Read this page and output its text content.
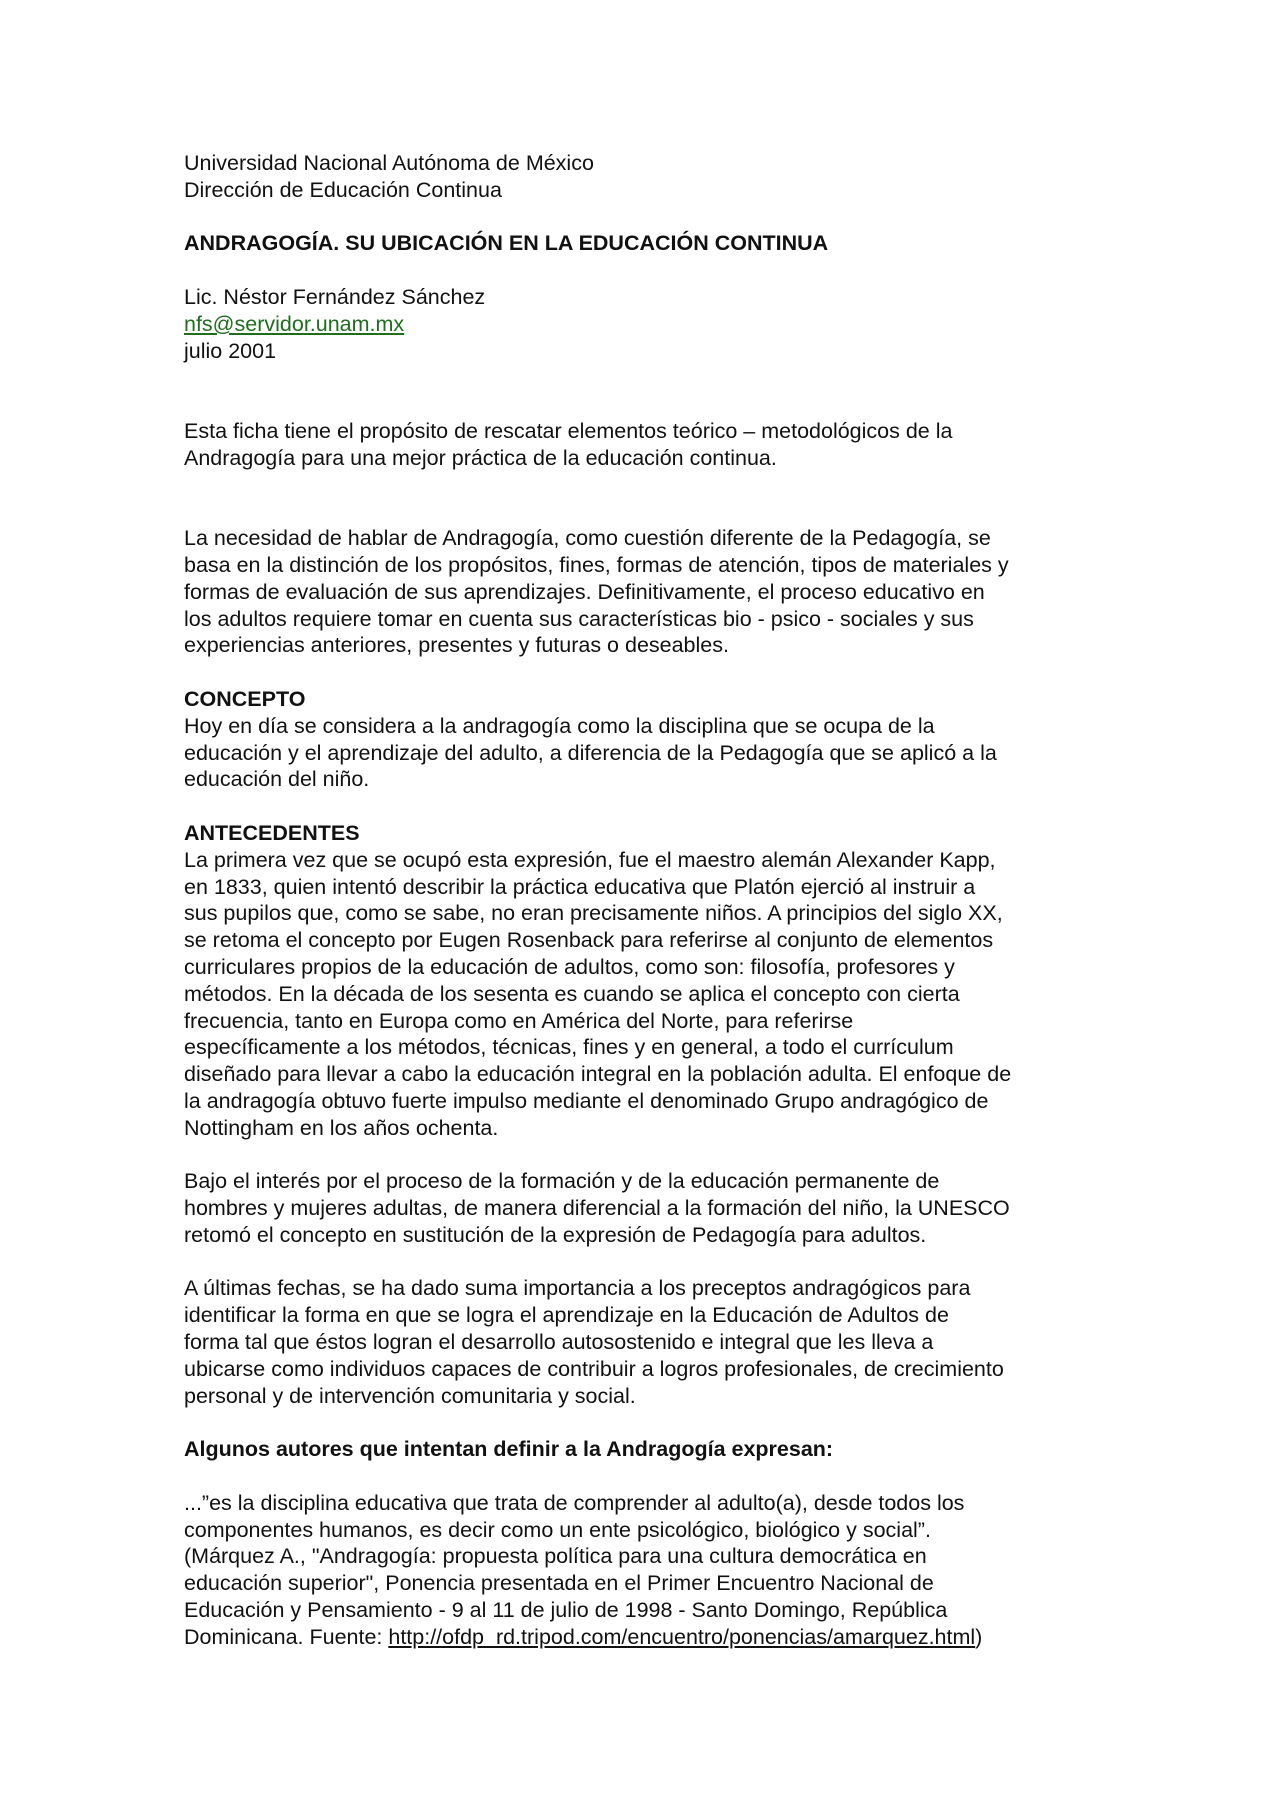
Universidad Nacional Autónoma de México
Dirección de Educación Continua

ANDRAGOGÍA. SU UBICACIÓN EN LA EDUCACIÓN CONTINUA

Lic. Néstor Fernández Sánchez
nfs@servidor.unam.mx
julio 2001

Esta ficha tiene el propósito de rescatar elementos teórico – metodológicos de la
Andragogía para una mejor práctica de la educación continua.

La necesidad de hablar de Andragogía, como cuestión diferente de la Pedagogía, se
basa en la distinción de los propósitos, fines, formas de atención, tipos de materiales y
formas de evaluación de sus aprendizajes. Definitivamente, el proceso educativo en
los adultos requiere tomar en cuenta sus características bio - psico - sociales y sus
experiencias anteriores, presentes y futuras o deseables.

CONCEPTO
Hoy en día se considera a la andragogía como la disciplina que se ocupa de la
educación y el aprendizaje del adulto, a diferencia de la Pedagogía que se aplicó a la
educación del niño.

ANTECEDENTES
La primera vez que se ocupó esta expresión, fue el maestro alemán Alexander Kapp,
en 1833, quien intentó describir la práctica educativa que Platón ejerció al instruir a
sus pupilos que, como se sabe, no eran precisamente niños. A principios del siglo XX,
se retoma el concepto por Eugen Rosenback para referirse al conjunto de elementos
curriculares propios de la educación de adultos, como son: filosofía, profesores y
métodos. En la década de los sesenta es cuando se aplica el concepto con cierta
frecuencia, tanto en Europa como en América del Norte, para referirse
específicamente a los métodos, técnicas, fines y en general, a todo el currículum
diseñado para llevar a cabo la educación integral en la población adulta. El enfoque de
la andragogía obtuvo fuerte impulso mediante el denominado Grupo andragógico de
Nottingham en los años ochenta.

Bajo el interés por el proceso de la formación y de la educación permanente de
hombres y mujeres adultas, de manera diferencial a la formación del niño, la UNESCO
retomó el concepto en sustitución de la expresión de Pedagogía para adultos.

A últimas fechas, se ha dado suma importancia a los preceptos andragógicos para
identificar la forma en que se logra el aprendizaje en la Educación de Adultos de
forma tal que éstos logran el desarrollo autosostenido e integral que les lleva a
ubicarse como individuos capaces de contribuir a logros profesionales, de crecimiento
personal y de intervención comunitaria y social.

Algunos autores que intentan definir a la Andragogía expresan:

...”es la disciplina educativa que trata de comprender al adulto(a), desde todos los
componentes humanos, es decir como un ente psicológico, biológico y social”.
(Márquez A., "Andragogía: propuesta política para una cultura democrática en
educación superior", Ponencia presentada en el Primer Encuentro Nacional de
Educación y Pensamiento - 9 al 11 de julio de 1998 - Santo Domingo, República
Dominicana. Fuente: http://ofdp_rd.tripod.com/encuentro/ponencias/amarquez.html)
